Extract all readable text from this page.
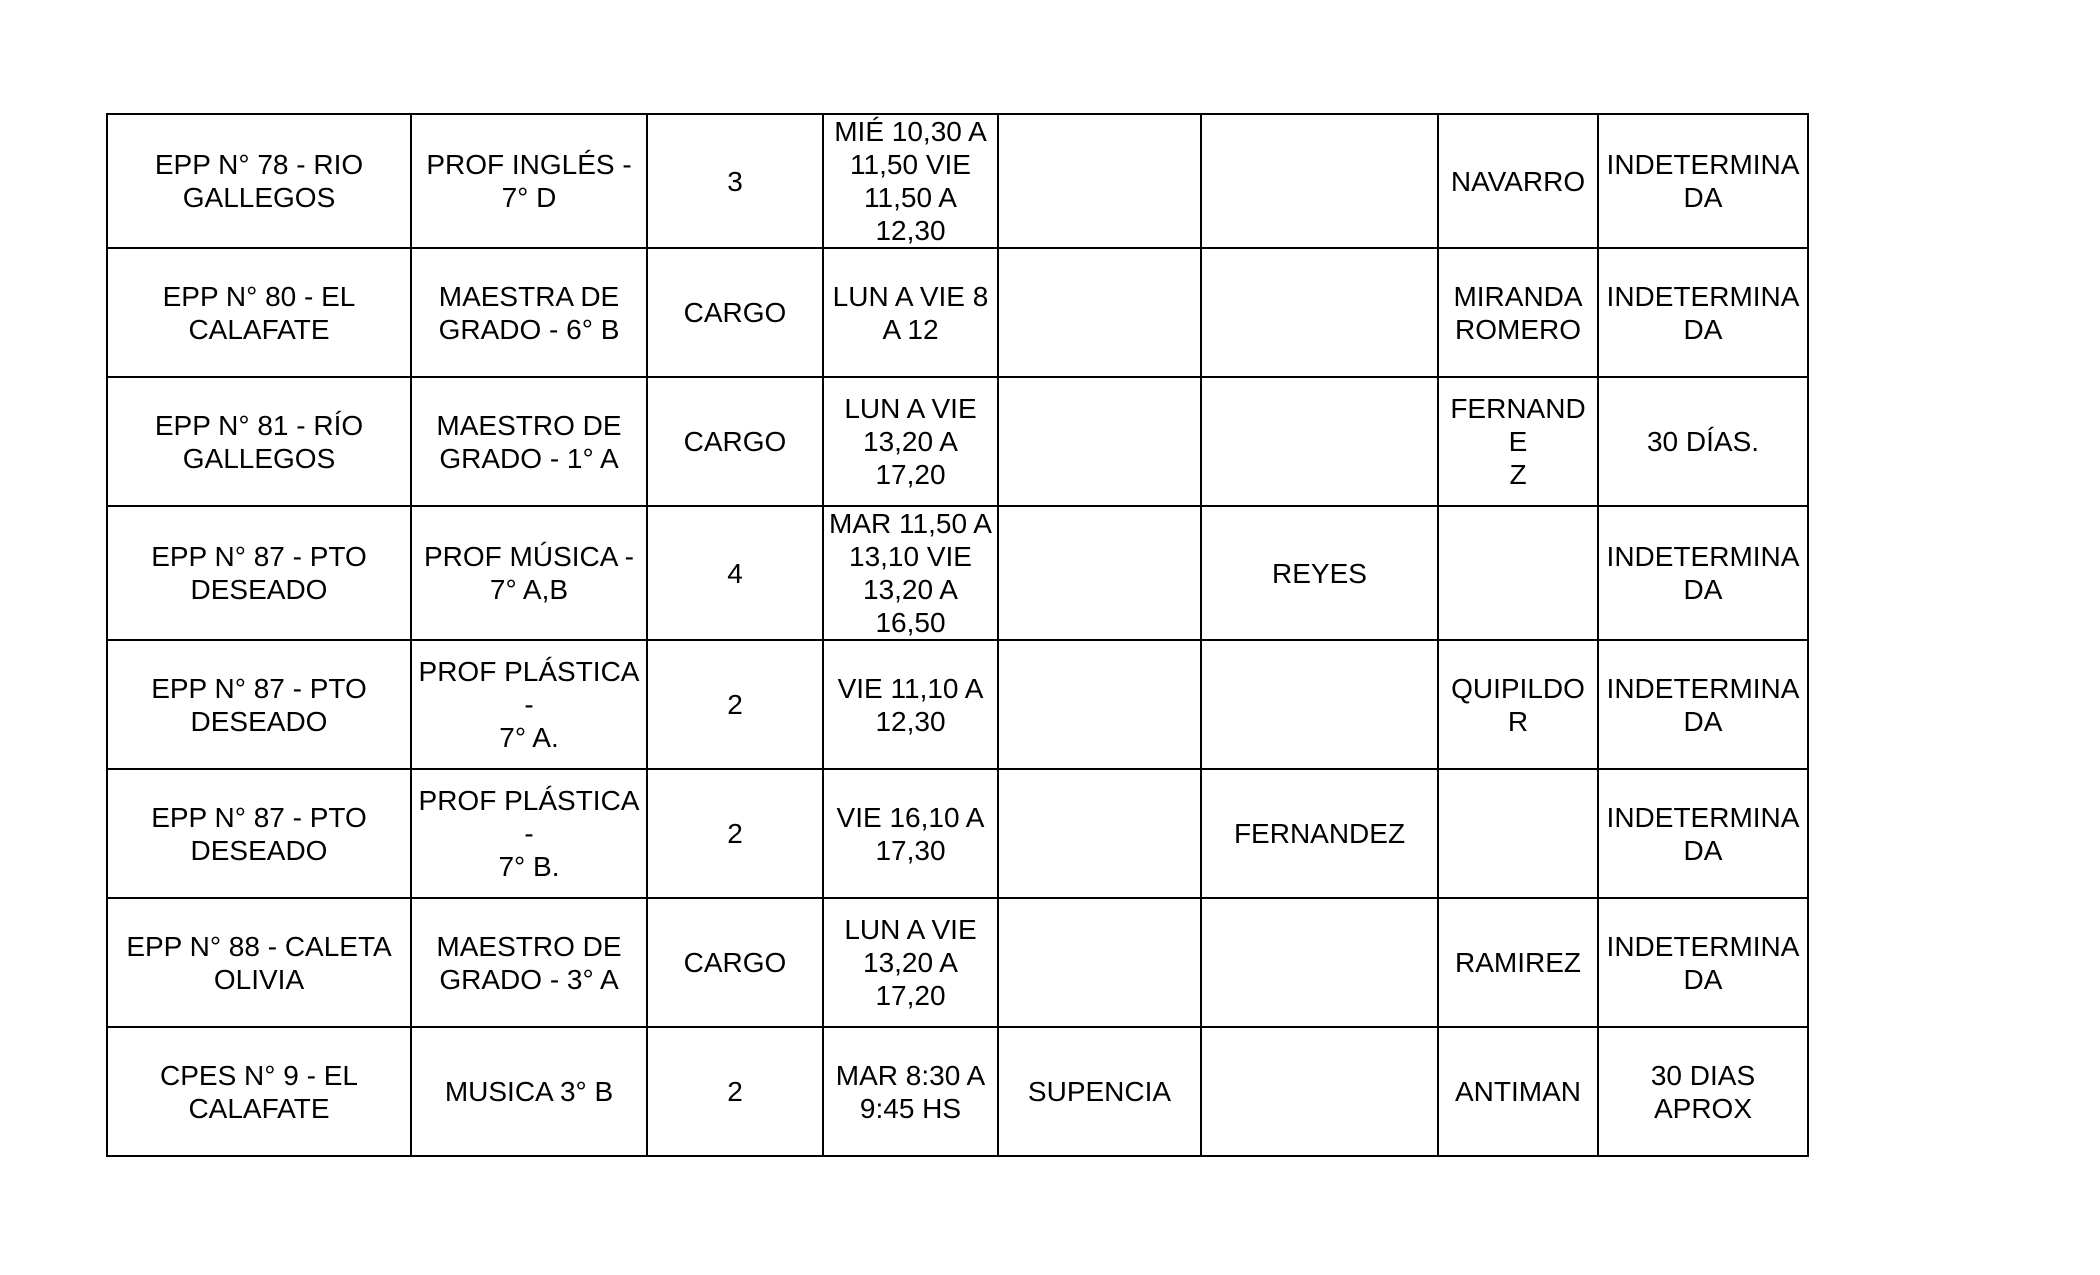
EPP N° 78 - RIO
GALLEGOS	PROF INGLÉS -
7° D	3	MIÉ 10,30 A
11,50 VIE
11,50 A
12,30			NAVARRO	INDETERMINA
DA
EPP N° 80 - EL
CALAFATE	MAESTRA DE
GRADO - 6° B	CARGO	LUN A VIE 8
A 12			MIRANDA
ROMERO	INDETERMINA
DA
EPP N° 81 - RÍO
GALLEGOS	MAESTRO DE
GRADO - 1° A	CARGO	LUN A VIE
13,20 A
17,20			FERNANDE
Z	30 DÍAS.
EPP N° 87 - PTO
DESEADO	PROF MÚSICA -
7° A,B	4	MAR 11,50 A
13,10 VIE
13,20 A
16,50		REYES		INDETERMINA
DA
EPP N° 87 - PTO
DESEADO	PROF PLÁSTICA -
7° A.	2	VIE 11,10 A
12,30			QUIPILDOR	INDETERMINA
DA
EPP N° 87 - PTO
DESEADO	PROF PLÁSTICA -
7° B.	2	VIE 16,10 A
17,30		FERNANDEZ		INDETERMINA
DA
EPP N° 88 - CALETA
OLIVIA	MAESTRO DE
GRADO - 3° A	CARGO	LUN A VIE
13,20 A
17,20			RAMIREZ	INDETERMINA
DA
CPES N° 9 - EL
CALAFATE	MUSICA 3° B	2	MAR 8:30 A
9:45 HS	SUPENCIA		ANTIMAN	30 DIAS
APROX
